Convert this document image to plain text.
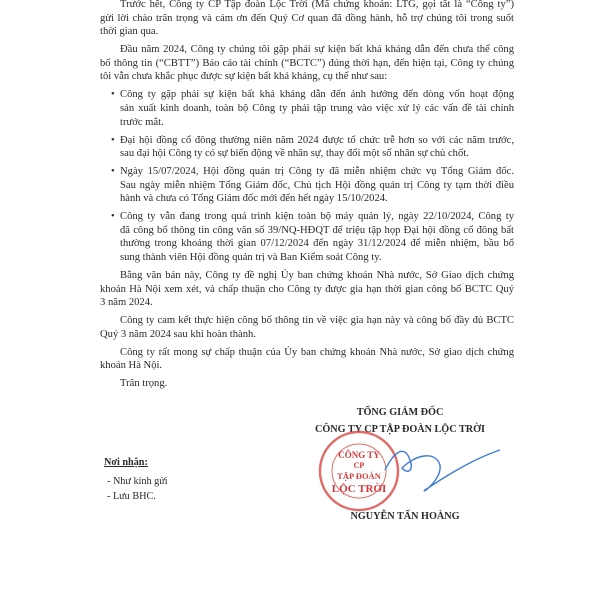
Trước hết, Công ty CP Tập đoàn Lộc Trời (Mã chứng khoán: LTG, gọi tắt là “Công ty”)
gửi lời chào trân trọng và cám ơn đến Quý Cơ quan đã đồng hành, hỗ trợ chúng tôi trong suốt
thời gian qua.
Đầu năm 2024, Công ty chúng tôi gặp phải sự kiện bất khả kháng dẫn đến chưa thể công
bố thông tin (“CBTT”) Báo cáo tài chính (“BCTC”) đúng thời hạn, đến hiện tại, Công ty chúng
tôi vẫn chưa khắc phục được sự kiện bất khả kháng, cụ thể như sau:
• Công ty gặp phải sự kiện bất khả kháng dẫn đến ảnh hưởng đến dòng vốn hoạt động
sản xuất kinh doanh, toàn bộ Công ty phải tập trung vào việc xử lý các vấn đề tài chính
trước mắt.
• Đại hội đồng cổ đông thường niên năm 2024 được tổ chức trễ hơn so với các năm trước,
sau đại hội Công ty có sự biến động về nhân sự, thay đổi một số nhân sự chủ chốt.
• Ngày 15/07/2024, Hội đồng quản trị Công ty đã miễn nhiệm chức vụ Tổng Giám đốc.
Sau ngày miễn nhiệm Tổng Giám đốc, Chủ tịch Hội đồng quản trị Công ty tạm thời điều
hành và chưa có Tổng Giám đốc mới đến hết ngày 15/10/2024.
• Công ty vẫn đang trong quá trình kiện toàn bộ máy quản lý, ngày 22/10/2024, Công ty
đã công bố thông tin công văn số 39/NQ-HĐQT để triệu tập họp Đại hội đồng cổ đông bất
thường trong khoảng thời gian 07/12/2024 đến ngày 31/12/2024 để miễn nhiệm, bầu bổ
sung thành viên Hội đồng quản trị và Ban Kiểm soát Công ty.
Bằng văn bản này, Công ty đề nghị Ủy ban chứng khoán Nhà nước, Sở Giao dịch chứng
khoán Hà Nội xem xét, và chấp thuận cho Công ty được gia hạn thời gian công bố BCTC Quý
3 năm 2024.
Công ty cam kết thực hiện công bố thông tin về việc gia hạn này và công bố đầy đủ BCTC
Quý 3 năm 2024 sau khi hoàn thành.
Công ty rất mong sự chấp thuận của Ủy ban chứng khoán Nhà nước, Sở giao dịch chứng
khoán Hà Nội.
Trân trọng.
TỔNG GIÁM ĐỐC
CÔNG TY CP TẬP ĐOÀN LỘC TRỜI
CÔNG TY
CP
TẬP ĐOÀN
LỘC TRỜI
NGUYỄN TẤN HOÀNG
Nơi nhận:
- Như kính gửi
- Lưu BHC.
